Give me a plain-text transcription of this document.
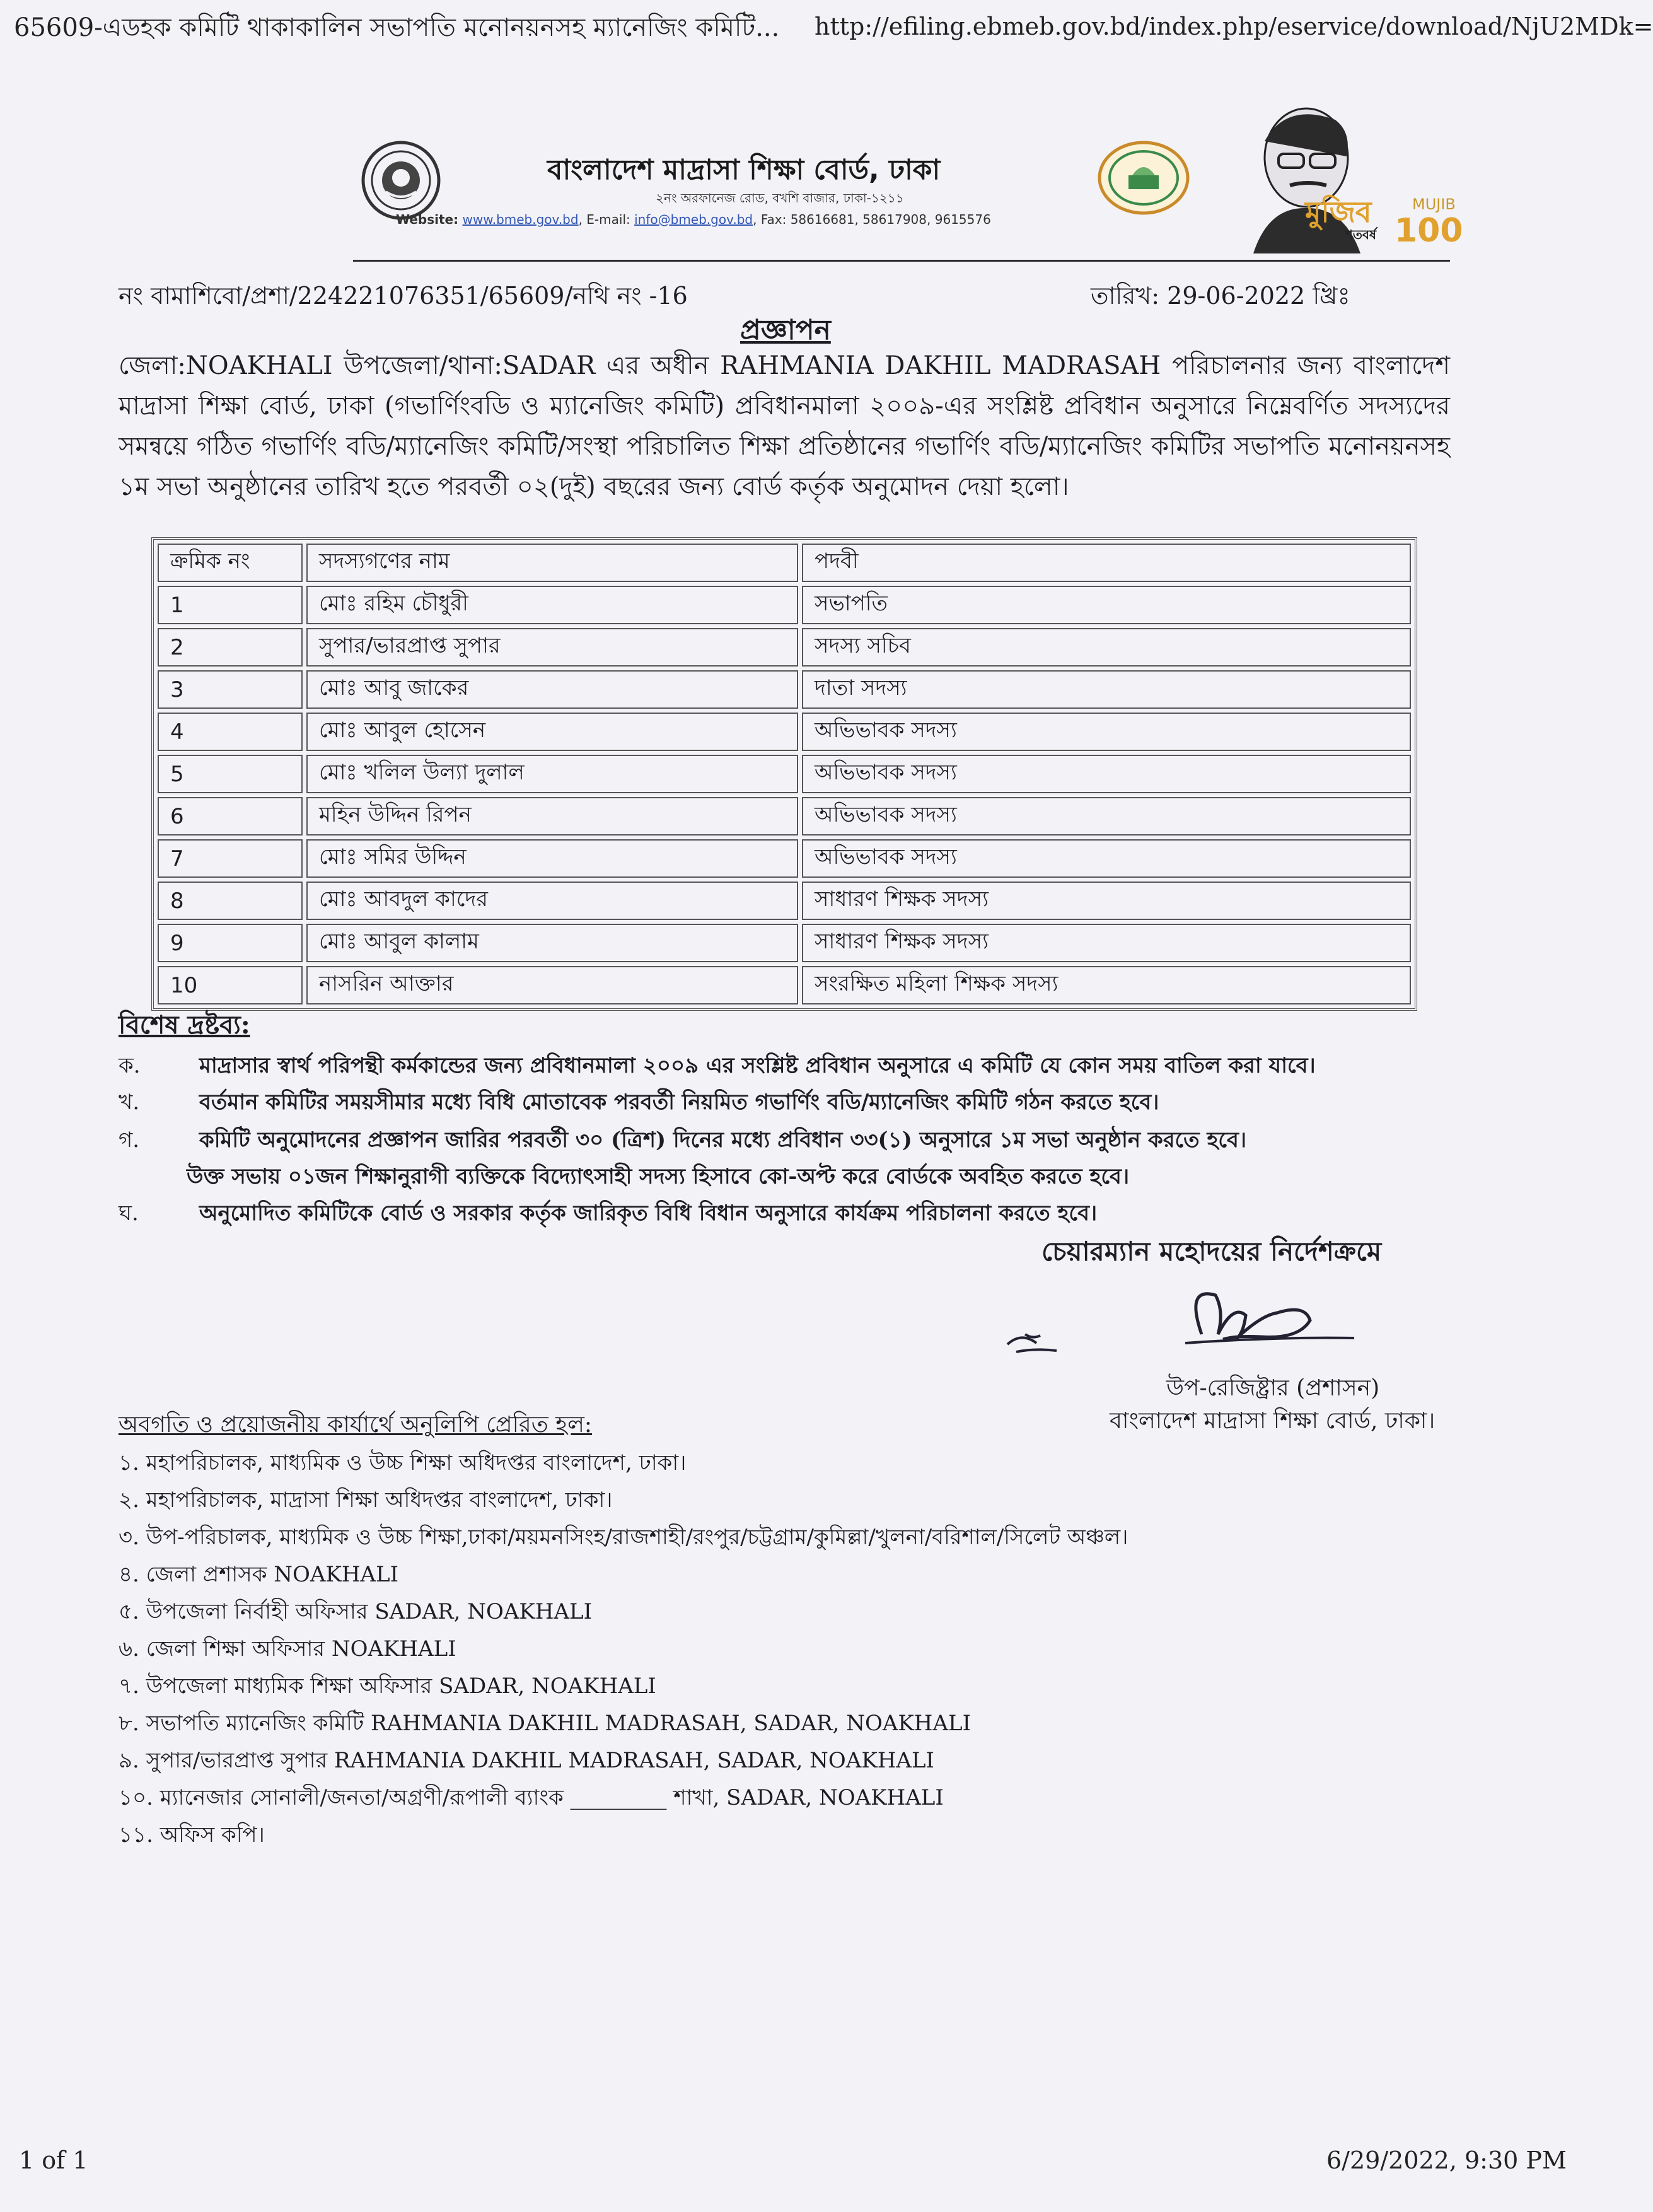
65609-এডহক কমিটি থাকাকালিন সভাপতি মনোনয়নসহ ম্যানেজিং কমিটি... http://efiling.ebmeb.gov.bd/index.php/eservice/download/NjU2MDk=
1 of 1	6/29/2022, 9:30 PM
বাংলাদেশ মাদ্রাসা শিক্ষা বোর্ড, ঢাকা
২নং অরফানেজ রোড, বখশি বাজার, ঢাকা-১২১১
Website: www.bmeb.gov.bd, E-mail: info@bmeb.gov.bd, Fax: 58616681, 58617908, 9615576	মুজিব	MUJIB
শতবর্ষ 100
নং বামাশিবো/প্রশা/224221076351/65609/নথি নং -16	তারিখ: 29-06-2022 খ্রিঃ
প্রজ্ঞাপন
জেলা:NOAKHALI উপজেলা/থানা:SADAR এর অধীন RAHMANIA DAKHIL MADRASAH পরিচালনার জন্য বাংলাদেশ মাদ্রাসা শিক্ষা বোর্ড, ঢাকা (গভার্ণিংবডি ও ম্যানেজিং কমিটি) প্রবিধানমালা ২০০৯-এর সংশ্লিষ্ট প্রবিধান অনুসারে নিম্নেবর্ণিত সদস্যদের সমন্বয়ে গঠিত গভার্ণিং বডি/ম্যানেজিং কমিটি/সংস্থা পরিচালিত শিক্ষা প্রতিষ্ঠানের গভার্ণিং বডি/ম্যানেজিং কমিটির সভাপতি মনোনয়নসহ ১ম সভা অনুষ্ঠানের তারিখ হতে পরবর্তী ০২(দুই) বছরের জন্য বোর্ড কর্তৃক অনুমোদন দেয়া হলো।
ক্রমিক নং	সদস্যগণের নাম	পদবী
1	মোঃ রহিম চৌধুরী	সভাপতি
2	সুপার/ভারপ্রাপ্ত সুপার	সদস্য সচিব
3	মোঃ আবু জাকের	দাতা সদস্য
4	মোঃ আবুল হোসেন	অভিভাবক সদস্য
5	মোঃ খলিল উল্যা দুলাল	অভিভাবক সদস্য
6	মহিন উদ্দিন রিপন	অভিভাবক সদস্য
7	মোঃ সমির উদ্দিন	অভিভাবক সদস্য
8	মোঃ আবদুল কাদের	সাধারণ শিক্ষক সদস্য
9	মোঃ আবুল কালাম	সাধারণ শিক্ষক সদস্য
10	নাসরিন আক্তার	সংরক্ষিত মহিলা শিক্ষক সদস্য
বিশেষ দ্রষ্টব্য:
ক.	মাদ্রাসার স্বার্থ পরিপন্থী কর্মকান্ডের জন্য প্রবিধানমালা ২০০৯ এর সংশ্লিষ্ট প্রবিধান অনুসারে এ কমিটি যে কোন সময় বাতিল করা যাবে।
খ.	বর্তমান কমিটির সময়সীমার মধ্যে বিধি মোতাবেক পরবর্তী নিয়মিত গভার্ণিং বডি/ম্যানেজিং কমিটি গঠন করতে হবে।
গ.	কমিটি অনুমোদনের প্রজ্ঞাপন জারির পরবর্তী ৩০ (ত্রিশ) দিনের মধ্যে প্রবিধান ৩৩(১) অনুসারে ১ম সভা অনুষ্ঠান করতে হবে।
উক্ত সভায় ০১জন শিক্ষানুরাগী ব্যক্তিকে বিদ্যোৎসাহী সদস্য হিসাবে কো-অপ্ট করে বোর্ডকে অবহিত করতে হবে।
ঘ.	অনুমোদিত কমিটিকে বোর্ড ও সরকার কর্তৃক জারিকৃত বিধি বিধান অনুসারে কার্যক্রম পরিচালনা করতে হবে।
চেয়ারম্যান মহোদয়ের নির্দেশক্রমে
উপ-রেজিষ্ট্রার (প্রশাসন)
বাংলাদেশ মাদ্রাসা শিক্ষা বোর্ড, ঢাকা।
অবগতি ও প্রয়োজনীয় কার্যার্থে অনুলিপি প্রেরিত হল:
১. মহাপরিচালক, মাধ্যমিক ও উচ্চ শিক্ষা অধিদপ্তর বাংলাদেশ, ঢাকা।
২. মহাপরিচালক, মাদ্রাসা শিক্ষা অধিদপ্তর বাংলাদেশ, ঢাকা।
৩. উপ-পরিচালক, মাধ্যমিক ও উচ্চ শিক্ষা,ঢাকা/ময়মনসিংহ/রাজশাহী/রংপুর/চট্টগ্রাম/কুমিল্লা/খুলনা/বরিশাল/সিলেট অঞ্চল।
৪. জেলা প্রশাসক NOAKHALI
৫. উপজেলা নির্বাহী অফিসার SADAR, NOAKHALI
৬. জেলা শিক্ষা অফিসার NOAKHALI
৭. উপজেলা মাধ্যমিক শিক্ষা অফিসার SADAR, NOAKHALI
৮. সভাপতি ম্যানেজিং কমিটি RAHMANIA DAKHIL MADRASAH, SADAR, NOAKHALI
৯. সুপার/ভারপ্রাপ্ত সুপার RAHMANIA DAKHIL MADRASAH, SADAR, NOAKHALI
১০. ম্যানেজার সোনালী/জনতা/অগ্রণী/রূপালী ব্যাংক _________ শাখা, SADAR, NOAKHALI
১১. অফিস কপি।
